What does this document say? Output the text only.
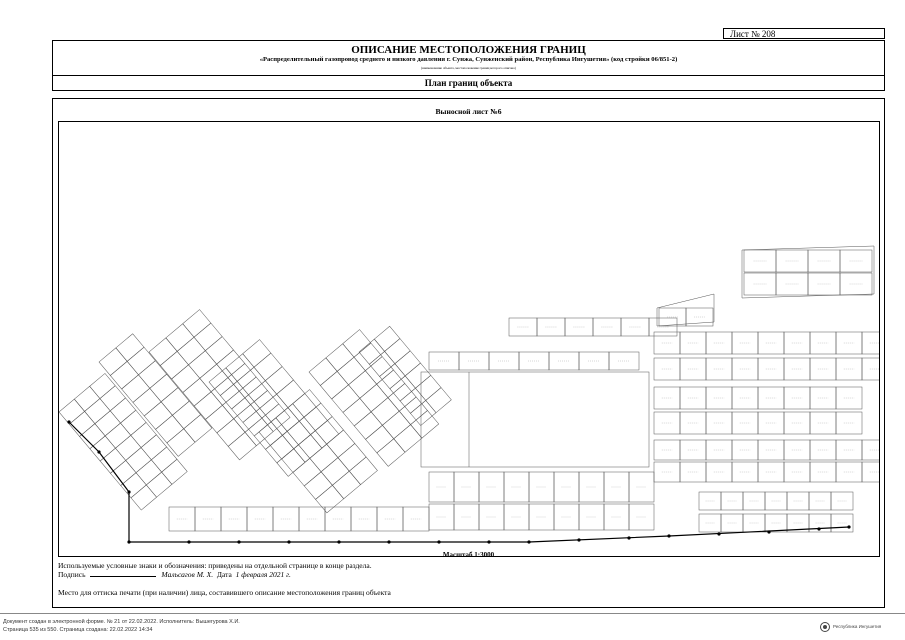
Лист № 208
ОПИСАНИЕ МЕСТОПОЛОЖЕНИЯ ГРАНИЦ
«Распределительный газопровод среднего и низкого давления г. Сунжа, Сунженский район, Республика Ингушетия» (код стройки 06/851-2)
(наименование объекта, местоположение границ которого описано)
План границ объекта
Выносной лист №6
Масштаб 1:3000
Используемые условные знаки и обозначения: приведены на отдельной странице в конце раздела.
Подпись	Мальсагов М. Х. Дата 1 февраля 2021 г.
Место для оттиска печати (при наличии) лица, составившего описание местоположения границ объекта
Документ создан в электронной форме. № 21 от 22.02.2022. Исполнитель: Вышегурова Х.И.
Страница 535 из 550. Страница создана: 22.02.2022 14:34
Республика Ингушетия
